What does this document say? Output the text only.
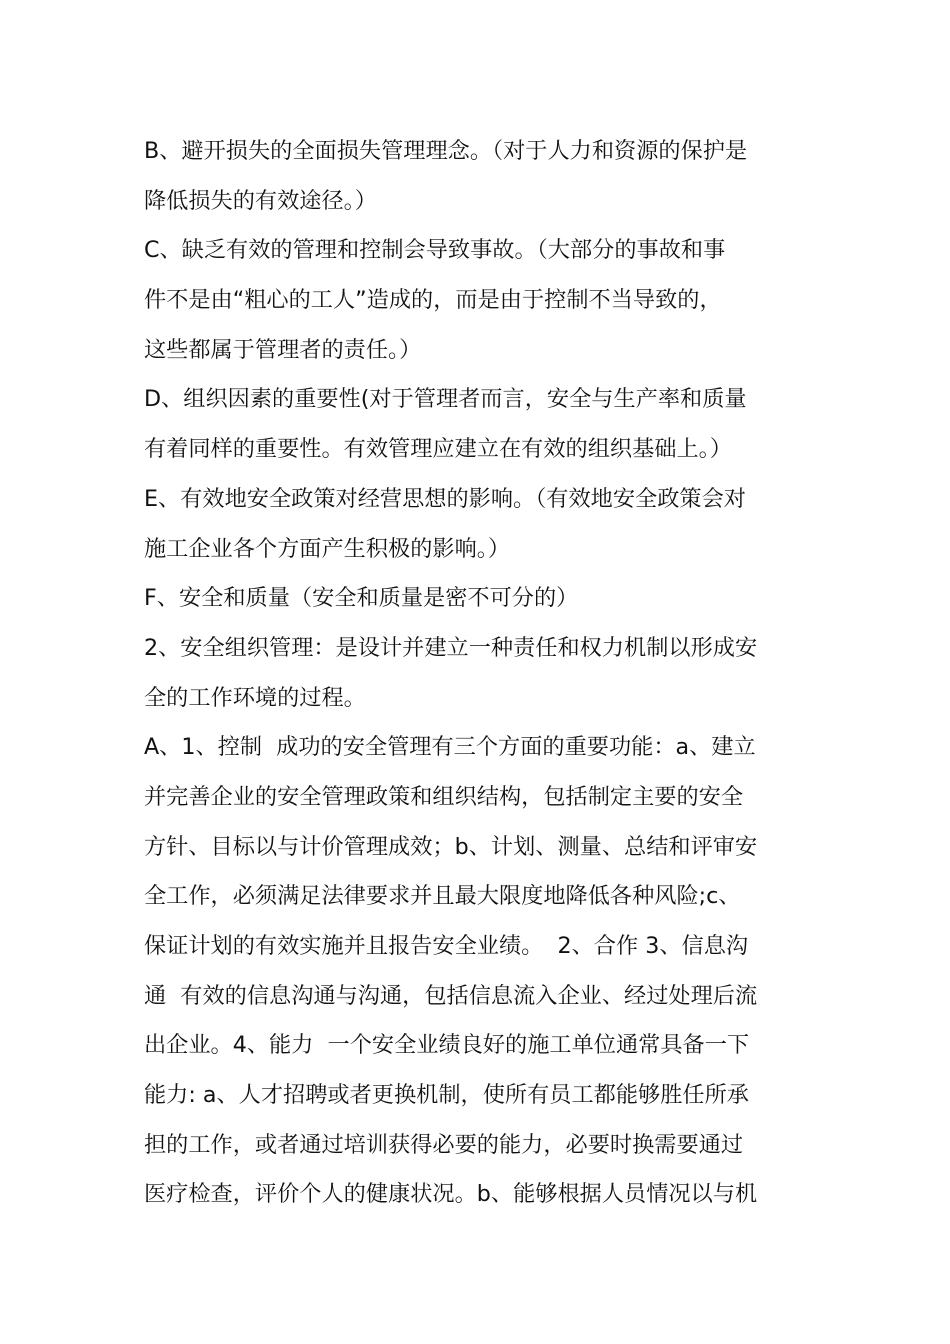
B、避开损失的全面损失管理理念。（对于人力和资源的保护是
降低损失的有效途径。）
C、缺乏有效的管理和控制会导致事故。（大部分的事故和事
件不是由“粗心的工人”造成的，而是由于控制不当导致的，
这些都属于管理者的责任。）
D、组织因素的重要性(对于管理者而言，安全与生产率和质量
有着同样的重要性。有效管理应建立在有效的组织基础上。）
E、有效地安全政策对经营思想的影响。（有效地安全政策会对
施工企业各个方面产生积极的影响。）
F、安全和质量（安全和质量是密不可分的）
2、安全组织管理：是设计并建立一种责任和权力机制以形成安
全的工作环境的过程。
A、1、控制  成功的安全管理有三个方面的重要功能：a、建立
并完善企业的安全管理政策和组织结构，包括制定主要的安全
方针、目标以与计价管理成效；b、计划、测量、总结和评审安
全工作，必须满足法律要求并且最大限度地降低各种风险;c、
保证计划的有效实施并且报告安全业绩。  2、合作 3、信息沟
通  有效的信息沟通与沟通，包括信息流入企业、经过处理后流
出企业。4、能力  一个安全业绩良好的施工单位通常具备一下
能力: a、人才招聘或者更换机制，使所有员工都能够胜任所承
担的工作，或者通过培训获得必要的能力，必要时换需要通过
医疗检查，评价个人的健康状况。b、能够根据人员情况以与机
